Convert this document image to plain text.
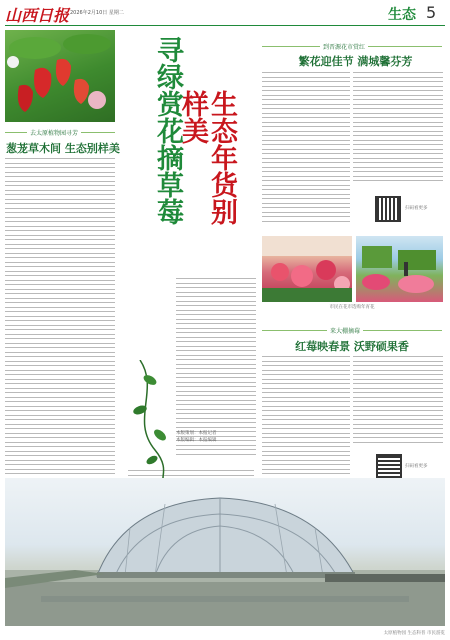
山西日报 2026年2月10日 星期二	生态 5
去太原植物园寻芳
葱茏草木间 生态别样美 寻绿赏花摘草莓 生态年货别样美
本版策划：本报记者
本版编辑：本报编辑
到晋源花市赏红
繁花迎佳节 满城馨芬芳
扫码看更多
市民在花市选购年宵花
来大棚摘莓
红莓映春景 沃野硕果香
扫码看更多
太原植物园 生态科普 市民游览
